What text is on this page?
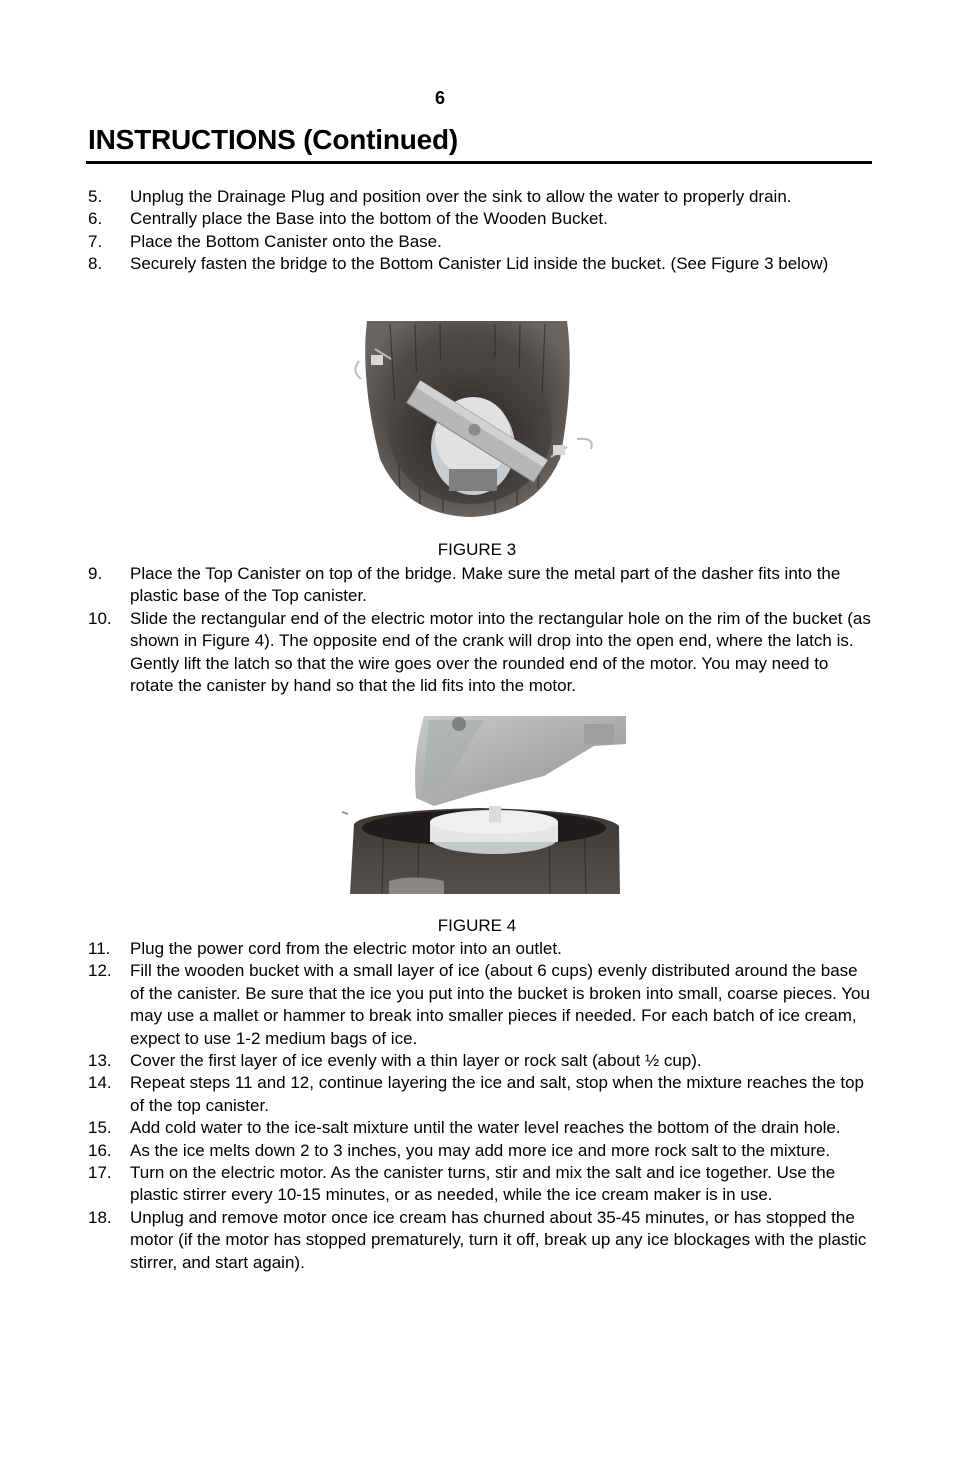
6
INSTRUCTIONS (Continued)
5. Unplug the Drainage Plug and position over the sink to allow the water to properly drain.
6. Centrally place the Base into the bottom of the Wooden Bucket.
7. Place the Bottom Canister onto the Base.
8. Securely fasten the bridge to the Bottom Canister Lid inside the bucket. (See Figure 3 below)
FIGURE 3
9. Place the Top Canister on top of the bridge. Make sure the metal part of the dasher fits into the plastic base of the Top canister.
10. Slide the rectangular end of the electric motor into the rectangular hole on the rim of the bucket (as shown in Figure 4). The opposite end of the crank will drop into the open end, where the latch is. Gently lift the latch so that the wire goes over the rounded end of the motor. You may need to rotate the canister by hand so that the lid fits into the motor.
FIGURE 4
11. Plug the power cord from the electric motor into an outlet.
12. Fill the wooden bucket with a small layer of ice (about 6 cups) evenly distributed around the base of the canister. Be sure that the ice you put into the bucket is broken into small, coarse pieces. You may use a mallet or hammer to break into smaller pieces if needed. For each batch of ice cream, expect to use 1-2 medium bags of ice.
13. Cover the first layer of ice evenly with a thin layer or rock salt (about ½ cup).
14. Repeat steps 11 and 12, continue layering the ice and salt, stop when the mixture reaches the top of the top canister.
15. Add cold water to the ice-salt mixture until the water level reaches the bottom of the drain hole.
16. As the ice melts down 2 to 3 inches, you may add more ice and more rock salt to the mixture.
17. Turn on the electric motor. As the canister turns, stir and mix the salt and ice together. Use the plastic stirrer every 10-15 minutes, or as needed, while the ice cream maker is in use.
18. Unplug and remove motor once ice cream has churned about 35-45 minutes, or has stopped the motor (if the motor has stopped prematurely, turn it off, break up any ice blockages with the plastic stirrer, and start again).
